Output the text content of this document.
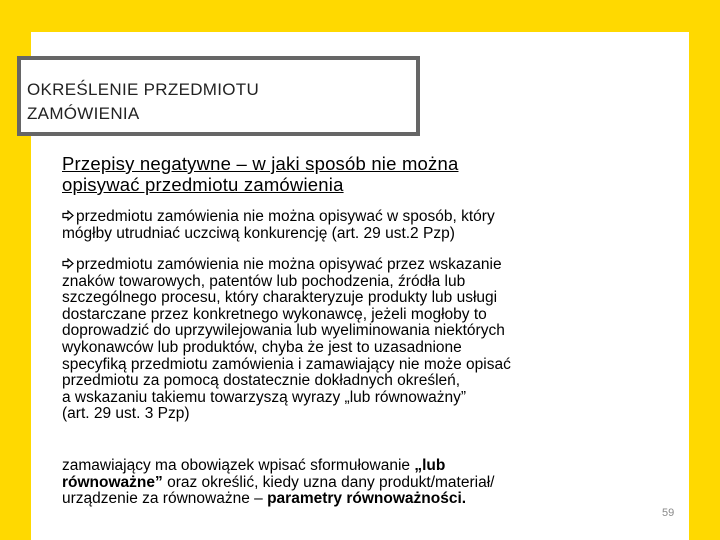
OKREŚLENIE PRZEDMIOTU
ZAMÓWIENIA
Przepisy negatywne – w jaki sposób nie można
opisywać przedmiotu zamówienia
przedmiotu zamówienia nie można opisywać w sposób, który
mógłby utrudniać uczciwą konkurencję (art. 29 ust.2 Pzp)
przedmiotu zamówienia nie można opisywać przez wskazanie
znaków towarowych, patentów lub pochodzenia, źródła lub
szczególnego procesu, który charakteryzuje produkty lub usługi
dostarczane przez konkretnego wykonawcę, jeżeli mogłoby to
doprowadzić do uprzywilejowania lub wyeliminowania niektórych
wykonawców lub produktów, chyba że jest to uzasadnione
specyfiką przedmiotu zamówienia i zamawiający nie może opisać
przedmiotu za pomocą dostatecznie dokładnych określeń,
a wskazaniu takiemu towarzyszą wyrazy „lub równoważny”
(art. 29 ust. 3 Pzp)
zamawiający ma obowiązek wpisać sformułowanie „lub
równoważne” oraz określić, kiedy uzna dany produkt/materiał/
urządzenie za równoważne – parametry równoważności.
59
